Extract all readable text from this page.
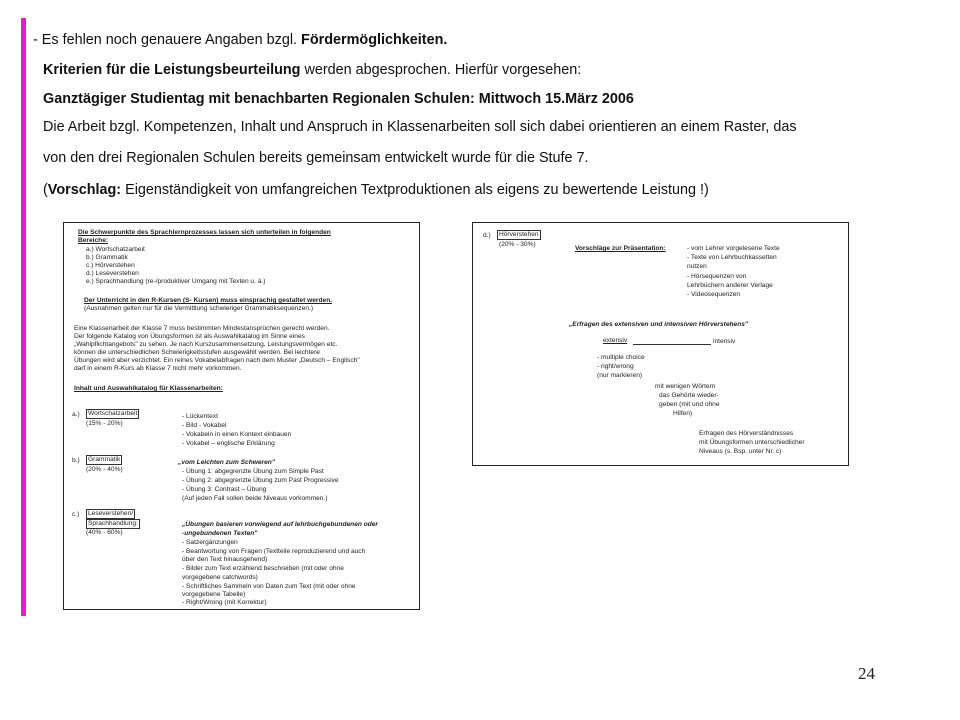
- Es fehlen noch genauere Angaben bzgl. Fördermöglichkeiten.

Kriterien für die Leistungsbeurteilung werden abgesprochen. Hierfür vorgesehen:

Ganztägiger Studientag mit benachbarten Regionalen Schulen: Mittwoch 15.März 2006

Die Arbeit bzgl. Kompetenzen, Inhalt und Anspruch in Klassenarbeiten soll sich dabei orientieren an einem Raster, das

von den drei Regionalen Schulen bereits gemeinsam entwickelt wurde für die Stufe 7.

(Vorschlag: Eigenständigkeit von umfangreichen Textproduktionen als eigens zu bewertende Leistung !)

Die Schwerpunkte des Sprachlernprozesses lassen sich unterteilen in folgenden
Bereiche:
a.) Wortschatzarbeit
b.) Grammatik
c.) Hörverstehen
d.) Leseverstehen
e.) Sprachhandlung (re-/produktiver Umgang mit Texten u. ä.)
Der Unterricht in den R-Kursen (S- Kursen) muss einsprachig gestaltet werden.
(Ausnahmen gelten nur für die Vermittlung schwieriger Grammatiksequenzen.)
Eine Klassenarbeit der Klasse 7 muss bestimmten Mindestansprüchen gerecht werden.
Der folgende Katalog von Übungsformen ist als Auswahlkatalog im Sinne eines
„Wahlpflichtangebots" zu sehen. Je nach Kurszusammensetzung, Leistungsvermögen etc.
können die unterschiedlichen Schwierigkeitsstufen ausgewählt werden. Bei leichtere
Übungen wird aber verzichtet. Ein reines Vokabelabfragen nach dem Muster „Deutsch – Englisch"
darf in einem R-Kurs ab Klasse 7 nicht mehr vorkommen.
Inhalt und Auswahlkatalog für Klassenarbeiten:
a.)	Wortschatzarbeit
(15% - 20%)
- Lückentext
- Bild - Vokabel
- Vokabeln in einen Kontext einbauen
- Vokabel – englische Erklärung
b.)	Grammatik
(20% - 40%)
„vom Leichten zum Schweren"
- Übung 1: abgegrenzte Übung zum Simple Past
- Übung 2: abgegrenzte Übung zum Past Progressive
- Übung 3: Contrast – Übung
(Auf jeden Fall sollen beide Niveaus vorkommen.)
c.)	Leseverstehen/
Sprachhandlung:
(40% - 60%)
„Übungen basieren vorwiegend auf lehrbuchgebundenen oder
-ungebundenen Texten"
- Satzergänzungen
- Beantwortung von Fragen (Textteile reproduzierend und auch
über den Text hinausgehend)
- Bilder zum Text erzählend beschreiben (mit oder ohne
vorgegebene catchwords)
- Schriftliches Sammeln von Daten zum Text (mit oder ohne
vorgegebene Tabelle)
- Right/Wrong (mit Korrektur)
d.)	Hörverstehen
(20% - 30%)
Vorschläge zur Präsentation:	- vom Lehrer vorgelesene Texte
- Texte von Lehrbuchkassetten
nutzen
- Hörsequenzen von
Lehrbüchern anderer Verlage
- Videosequenzen
„Erfragen des extensiven und intensiven Hörverstehens"
extensiv	intensiv
- multiple choice
- right/wrong
(nur markieren)
mit wenigen Wörtern
das Gehörte wieder-
geben (mit und ohne
Hilfen)
Erfragen des Hörverständnisses
mit Übungsformen unterschiedlicher
Niveaus (s. Bsp. unter Nr. c)
24
